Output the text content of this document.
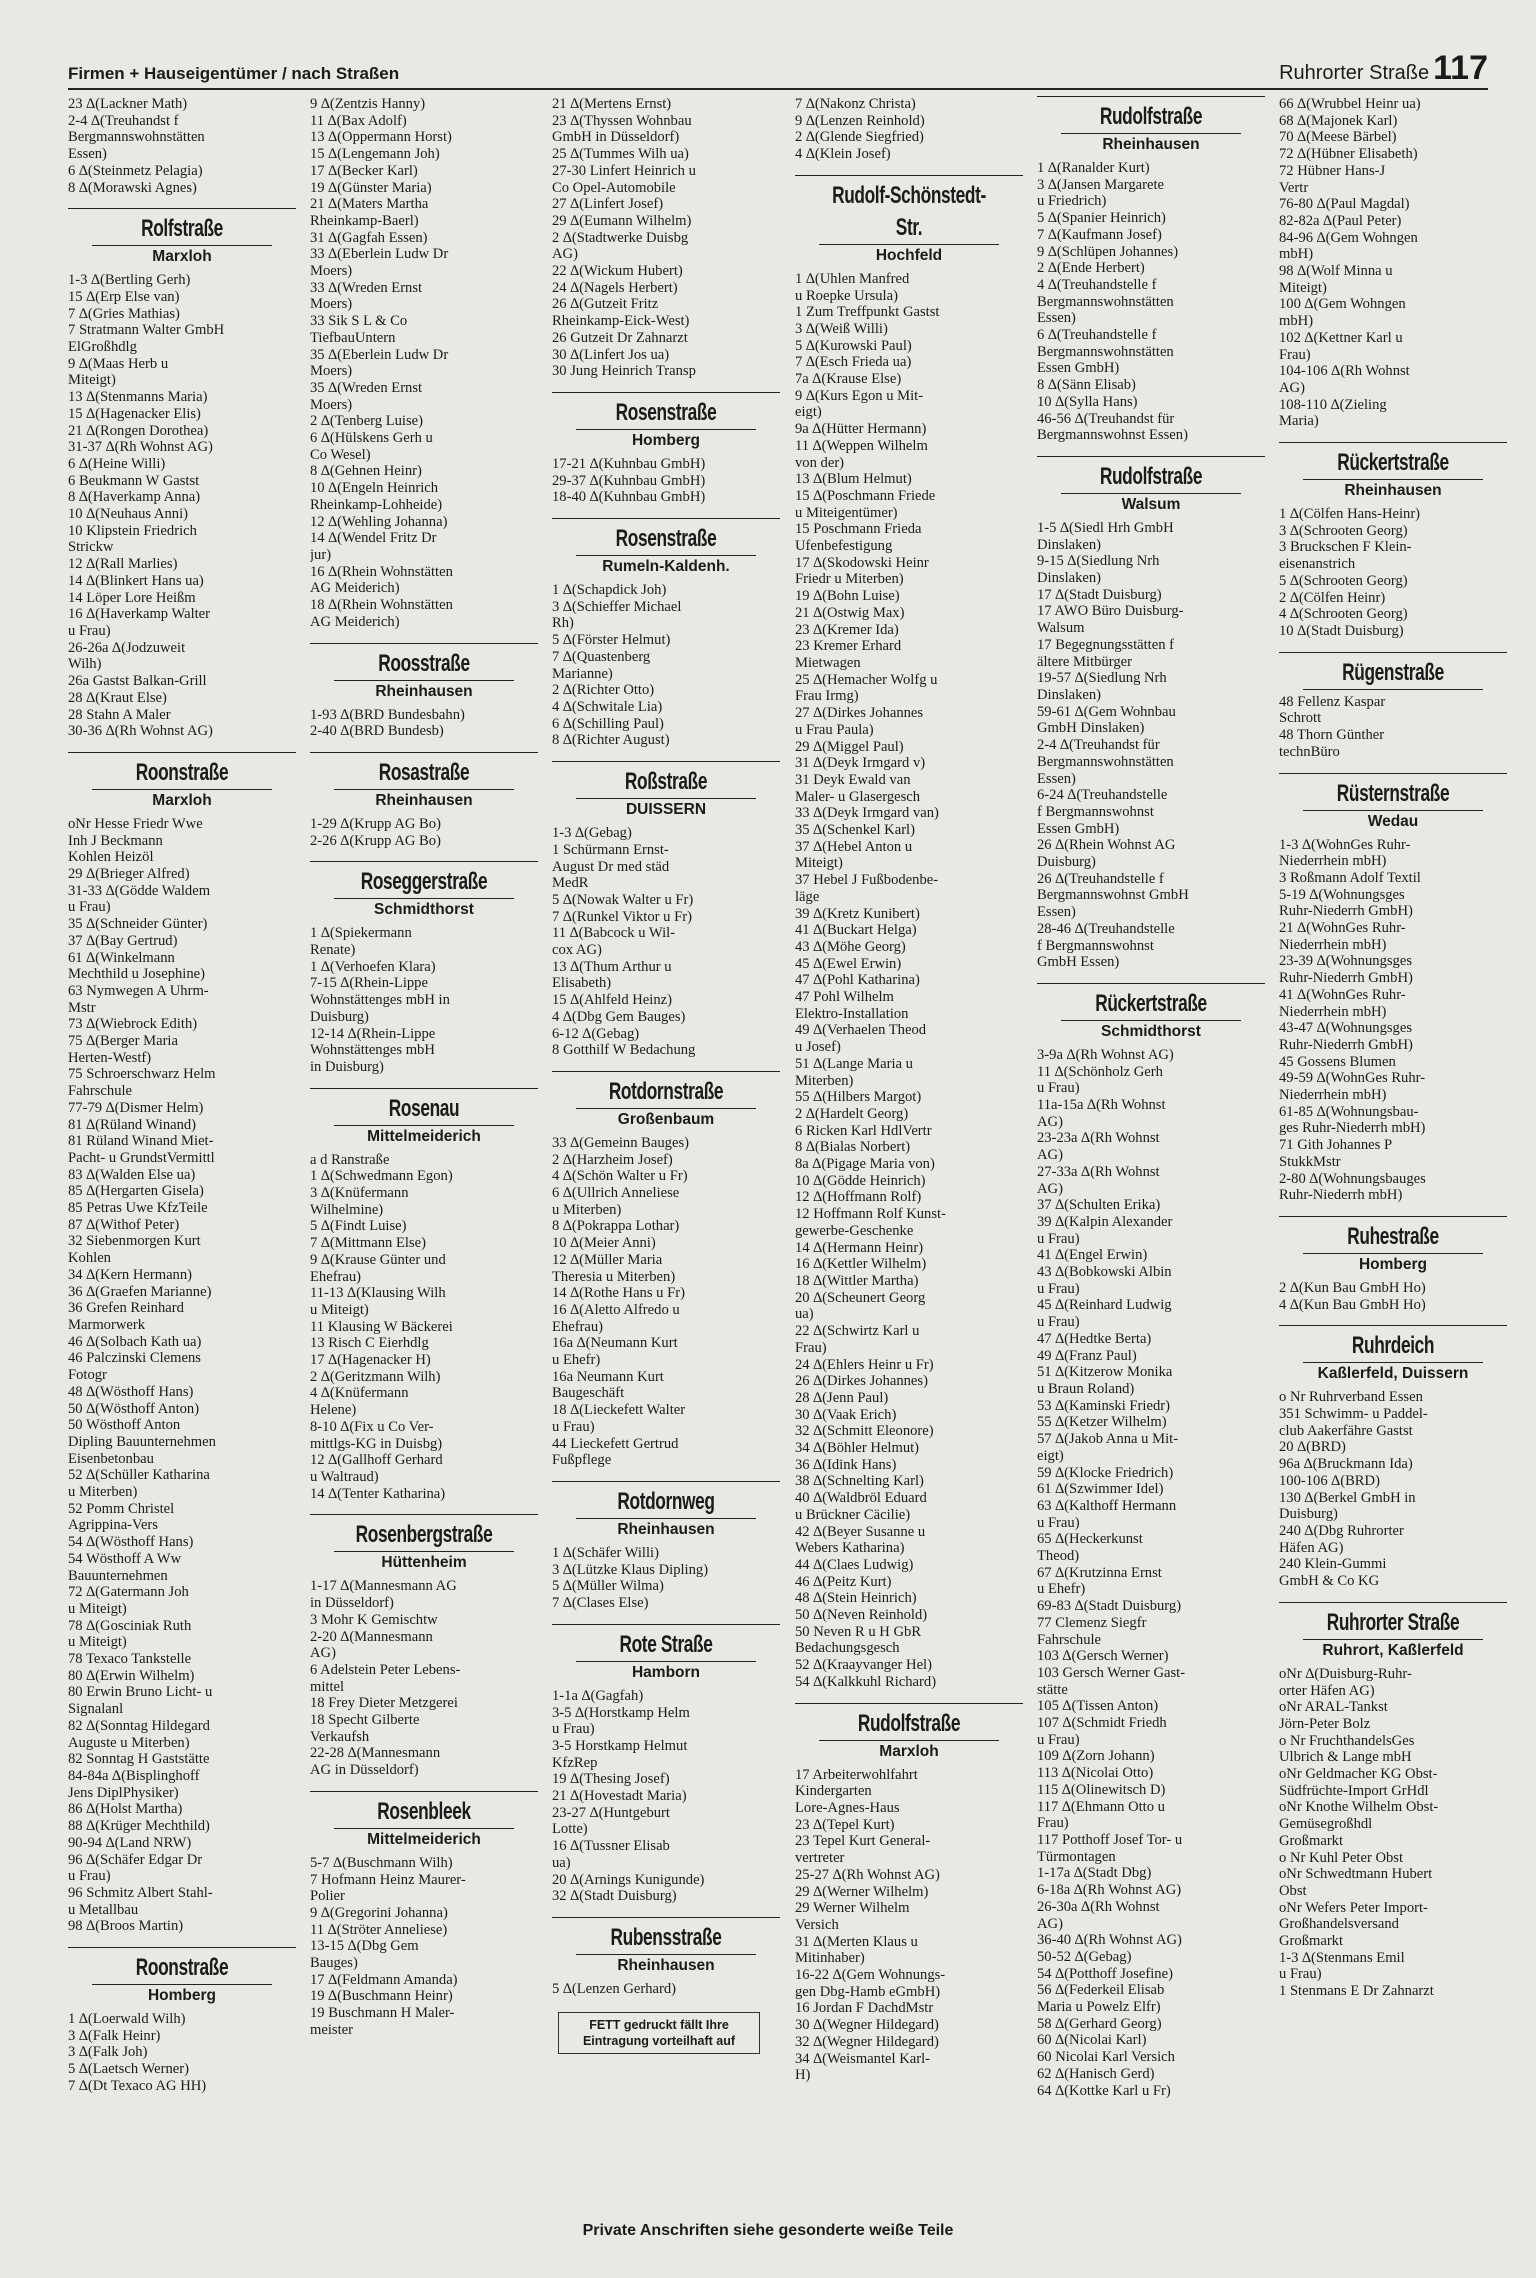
Firmen + Hauseigentümer / nach Straßen	Ruhrorter Straße 117
23 ∆(Lackner Math)
2-4 ∆(Treuhandst f
Bergmannswohnstätten
Essen)
6 ∆(Steinmetz Pelagia)
8 ∆(Morawski Agnes)
Rolfstraße
Marxloh
1-3 ∆(Bertling Gerh)
15 ∆(Erp Else van)
7 ∆(Gries Mathias)
7 Stratmann Walter GmbH
ElGroßhdlg
9 ∆(Maas Herb u
Miteigt)
13 ∆(Stenmanns Maria)
15 ∆(Hagenacker Elis)
21 ∆(Rongen Dorothea)
31-37 ∆(Rh Wohnst AG)
6 ∆(Heine Willi)
6 Beukmann W Gastst
8 ∆(Haverkamp Anna)
10 ∆(Neuhaus Anni)
10 Klipstein Friedrich
Strickw
12 ∆(Rall Marlies)
14 ∆(Blinkert Hans ua)
14 Löper Lore Heißm
16 ∆(Haverkamp Walter
u Frau)
26-26a ∆(Jodzuweit
Wilh)
26a Gastst Balkan-Grill
28 ∆(Kraut Else)
28 Stahn A Maler
30-36 ∆(Rh Wohnst AG)
Roonstraße
Marxloh
oNr Hesse Friedr Wwe
Inh J Beckmann
Kohlen Heizöl
29 ∆(Brieger Alfred)
31-33 ∆(Gödde Waldem
u Frau)
35 ∆(Schneider Günter)
37 ∆(Bay Gertrud)
61 ∆(Winkelmann
Mechthild u Josephine)
63 Nymwegen A Uhrm-
Mstr
73 ∆(Wiebrock Edith)
75 ∆(Berger Maria
Herten-Westf)
75 Schroerschwarz Helm
Fahrschule
77-79 ∆(Dismer Helm)
81 ∆(Rüland Winand)
81 Rüland Winand Miet-
Pacht- u GrundstVermittl
83 ∆(Walden Else ua)
85 ∆(Hergarten Gisela)
85 Petras Uwe KfzTeile
87 ∆(Withof Peter)
32 Siebenmorgen Kurt
Kohlen
34 ∆(Kern Hermann)
36 ∆(Graefen Marianne)
36 Grefen Reinhard
Marmorwerk
46 ∆(Solbach Kath ua)
46 Palczinski Clemens
Fotogr
48 ∆(Wösthoff Hans)
50 ∆(Wösthoff Anton)
50 Wösthoff Anton
Dipling Bauunternehmen
Eisenbetonbau
52 ∆(Schüller Katharina
u Miterben)
52 Pomm Christel
Agrippina-Vers
54 ∆(Wösthoff Hans)
54 Wösthoff A Ww
Bauunternehmen
72 ∆(Gatermann Joh
u Miteigt)
78 ∆(Gosciniak Ruth
u Miteigt)
78 Texaco Tankstelle
80 ∆(Erwin Wilhelm)
80 Erwin Bruno Licht- u
Signalanl
82 ∆(Sonntag Hildegard
Auguste u Miterben)
82 Sonntag H Gaststätte
84-84a ∆(Bisplinghoff
Jens DiplPhysiker)
86 ∆(Holst Martha)
88 ∆(Krüger Mechthild)
90-94 ∆(Land NRW)
96 ∆(Schäfer Edgar Dr
u Frau)
96 Schmitz Albert Stahl-
u Metallbau
98 ∆(Broos Martin)
Roonstraße
Homberg
1 ∆(Loerwald Wilh)
3 ∆(Falk Heinr)
3 ∆(Falk Joh)
5 ∆(Laetsch Werner)
7 ∆(Dt Texaco AG HH)
9 ∆(Zentzis Hanny)
11 ∆(Bax Adolf)
13 ∆(Oppermann Horst)
15 ∆(Lengemann Joh)
17 ∆(Becker Karl)
19 ∆(Günster Maria)
21 ∆(Maters Martha
Rheinkamp-Baerl)
31 ∆(Gagfah Essen)
33 ∆(Eberlein Ludw Dr
Moers)
33 ∆(Wreden Ernst
Moers)
33 Sik S L & Co
TiefbauUntern
35 ∆(Eberlein Ludw Dr
Moers)
35 ∆(Wreden Ernst
Moers)
2 ∆(Tenberg Luise)
6 ∆(Hülskens Gerh u
Co Wesel)
8 ∆(Gehnen Heinr)
10 ∆(Engeln Heinrich
Rheinkamp-Lohheide)
12 ∆(Wehling Johanna)
14 ∆(Wendel Fritz Dr
jur)
16 ∆(Rhein Wohnstätten
AG Meiderich)
18 ∆(Rhein Wohnstätten
AG Meiderich)
Roosstraße
Rheinhausen
1-93 ∆(BRD Bundesbahn)
2-40 ∆(BRD Bundesb)
Rosastraße
Rheinhausen
1-29 ∆(Krupp AG Bo)
2-26 ∆(Krupp AG Bo)
Roseggerstraße
Schmidthorst
1 ∆(Spiekermann
Renate)
1 ∆(Verhoefen Klara)
7-15 ∆(Rhein-Lippe
Wohnstättenges mbH in
Duisburg)
12-14 ∆(Rhein-Lippe
Wohnstättenges mbH
in Duisburg)
Rosenau
Mittelmeiderich
a d Ranstraße
1 ∆(Schwedmann Egon)
3 ∆(Knüfermann
Wilhelmine)
5 ∆(Findt Luise)
7 ∆(Mittmann Else)
9 ∆(Krause Günter und
Ehefrau)
11-13 ∆(Klausing Wilh
u Miteigt)
11 Klausing W Bäckerei
13 Risch C Eierhdlg
17 ∆(Hagenacker H)
2 ∆(Geritzmann Wilh)
4 ∆(Knüfermann
Helene)
8-10 ∆(Fix u Co Ver-
mittlgs-KG in Duisbg)
12 ∆(Gallhoff Gerhard
u Waltraud)
14 ∆(Tenter Katharina)
Rosenbergstraße
Hüttenheim
1-17 ∆(Mannesmann AG
in Düsseldorf)
3 Mohr K Gemischtw
2-20 ∆(Mannesmann
AG)
6 Adelstein Peter Lebens-
mittel
18 Frey Dieter Metzgerei
18 Specht Gilberte
Verkaufsh
22-28 ∆(Mannesmann
AG in Düsseldorf)
Rosenbleek
Mittelmeiderich
5-7 ∆(Buschmann Wilh)
7 Hofmann Heinz Maurer-
Polier
9 ∆(Gregorini Johanna)
11 ∆(Ströter Anneliese)
13-15 ∆(Dbg Gem
Bauges)
17 ∆(Feldmann Amanda)
19 ∆(Buschmann Heinr)
19 Buschmann H Maler-
meister
21 ∆(Mertens Ernst)
23 ∆(Thyssen Wohnbau
GmbH in Düsseldorf)
25 ∆(Tummes Wilh ua)
27-30 Linfert Heinrich u
Co Opel-Automobile
27 ∆(Linfert Josef)
29 ∆(Eumann Wilhelm)
2 ∆(Stadtwerke Duisbg
AG)
22 ∆(Wickum Hubert)
24 ∆(Nagels Herbert)
26 ∆(Gutzeit Fritz
Rheinkamp-Eick-West)
26 Gutzeit Dr Zahnarzt
30 ∆(Linfert Jos ua)
30 Jung Heinrich Transp
Rosenstraße
Homberg
17-21 ∆(Kuhnbau GmbH)
29-37 ∆(Kuhnbau GmbH)
18-40 ∆(Kuhnbau GmbH)
Rosenstraße
Rumeln-Kaldenh.
1 ∆(Schapdick Joh)
3 ∆(Schieffer Michael
Rh)
5 ∆(Förster Helmut)
7 ∆(Quastenberg
Marianne)
2 ∆(Richter Otto)
4 ∆(Schwitale Lia)
6 ∆(Schilling Paul)
8 ∆(Richter August)
Roßstraße
DUISSERN
1-3 ∆(Gebag)
1 Schürmann Ernst-
August Dr med städ
MedR
5 ∆(Nowak Walter u Fr)
7 ∆(Runkel Viktor u Fr)
11 ∆(Babcock u Wil-
cox AG)
13 ∆(Thum Arthur u
Elisabeth)
15 ∆(Ahlfeld Heinz)
4 ∆(Dbg Gem Bauges)
6-12 ∆(Gebag)
8 Gotthilf W Bedachung
Rotdornstraße
Großenbaum
33 ∆(Gemeinn Bauges)
2 ∆(Harzheim Josef)
4 ∆(Schön Walter u Fr)
6 ∆(Ullrich Anneliese
u Miterben)
8 ∆(Pokrappa Lothar)
10 ∆(Meier Anni)
12 ∆(Müller Maria
Theresia u Miterben)
14 ∆(Rothe Hans u Fr)
16 ∆(Aletto Alfredo u
Ehefrau)
16a ∆(Neumann Kurt
u Ehefr)
16a Neumann Kurt
Baugeschäft
18 ∆(Lieckefett Walter
u Frau)
44 Lieckefett Gertrud
Fußpflege
Rotdornweg
Rheinhausen
1 ∆(Schäfer Willi)
3 ∆(Lützke Klaus Dipling)
5 ∆(Müller Wilma)
7 ∆(Clases Else)
Rote Straße
Hamborn
1-1a ∆(Gagfah)
3-5 ∆(Horstkamp Helm
u Frau)
3-5 Horstkamp Helmut
KfzRep
19 ∆(Thesing Josef)
21 ∆(Hovestadt Maria)
23-27 ∆(Huntgeburt
Lotte)
16 ∆(Tussner Elisab
ua)
20 ∆(Arnings Kunigunde)
32 ∆(Stadt Duisburg)
Rubensstraße
Rheinhausen
5 ∆(Lenzen Gerhard)
FETT gedruckt fällt Ihre Eintragung vorteilhaft auf
7 ∆(Nakonz Christa)
9 ∆(Lenzen Reinhold)
2 ∆(Glende Siegfried)
4 ∆(Klein Josef)
Rudolf-Schönstedt-Str.
Hochfeld
1 ∆(Uhlen Manfred
u Roepke Ursula)
1 Zum Treffpunkt Gastst
3 ∆(Weiß Willi)
5 ∆(Kurowski Paul)
7 ∆(Esch Frieda ua)
7a ∆(Krause Else)
9 ∆(Kurs Egon u Mit-
eigt)
9a ∆(Hütter Hermann)
11 ∆(Weppen Wilhelm
von der)
13 ∆(Blum Helmut)
15 ∆(Poschmann Friede
u Miteigentümer)
15 Poschmann Frieda
Ufenbefestigung
17 ∆(Skodowski Heinr
Friedr u Miterben)
19 ∆(Bohn Luise)
21 ∆(Ostwig Max)
23 ∆(Kremer Ida)
23 Kremer Erhard
Mietwagen
25 ∆(Hemacher Wolfg u
Frau Irmg)
27 ∆(Dirkes Johannes
u Frau Paula)
29 ∆(Miggel Paul)
31 ∆(Deyk Irmgard v)
31 Deyk Ewald van
Maler- u Glasergesch
33 ∆(Deyk Irmgard van)
35 ∆(Schenkel Karl)
37 ∆(Hebel Anton u
Miteigt)
37 Hebel J Fußbodenbe-
läge
39 ∆(Kretz Kunibert)
41 ∆(Buckart Helga)
43 ∆(Möhe Georg)
45 ∆(Ewel Erwin)
47 ∆(Pohl Katharina)
47 Pohl Wilhelm
Elektro-Installation
49 ∆(Verhaelen Theod
u Josef)
51 ∆(Lange Maria u
Miterben)
55 ∆(Hilbers Margot)
2 ∆(Hardelt Georg)
6 Ricken Karl HdlVertr
8 ∆(Bialas Norbert)
8a ∆(Pigage Maria von)
10 ∆(Gödde Heinrich)
12 ∆(Hoffmann Rolf)
12 Hoffmann Rolf Kunst-
gewerbe-Geschenke
14 ∆(Hermann Heinr)
16 ∆(Kettler Wilhelm)
18 ∆(Wittler Martha)
20 ∆(Scheunert Georg
ua)
22 ∆(Schwirtz Karl u
Frau)
24 ∆(Ehlers Heinr u Fr)
26 ∆(Dirkes Johannes)
28 ∆(Jenn Paul)
30 ∆(Vaak Erich)
32 ∆(Schmitt Eleonore)
34 ∆(Böhler Helmut)
36 ∆(Idink Hans)
38 ∆(Schnelting Karl)
40 ∆(Waldbröl Eduard
u Brückner Cäcilie)
42 ∆(Beyer Susanne u
Webers Katharina)
44 ∆(Claes Ludwig)
46 ∆(Peitz Kurt)
48 ∆(Stein Heinrich)
50 ∆(Neven Reinhold)
50 Neven R u H GbR
Bedachungsgesch
52 ∆(Kraayvanger Hel)
54 ∆(Kalkkuhl Richard)
Rudolfstraße
Marxloh
17 Arbeiterwohlfahrt
Kindergarten
Lore-Agnes-Haus
23 ∆(Tepel Kurt)
23 Tepel Kurt General-
vertreter
25-27 ∆(Rh Wohnst AG)
29 ∆(Werner Wilhelm)
29 Werner Wilhelm
Versich
31 ∆(Merten Klaus u
Mitinhaber)
16-22 ∆(Gem Wohnungs-
gen Dbg-Hamb eGmbH)
16 Jordan F DachdMstr
30 ∆(Wegner Hildegard)
32 ∆(Wegner Hildegard)
34 ∆(Weismantel Karl-
H)
Rudolfstraße
Rheinhausen
1 ∆(Ranalder Kurt)
3 ∆(Jansen Margarete
u Friedrich)
5 ∆(Spanier Heinrich)
7 ∆(Kaufmann Josef)
9 ∆(Schlüpen Johannes)
2 ∆(Ende Herbert)
4 ∆(Treuhandstelle f
Bergmannswohnstätten
Essen)
6 ∆(Treuhandstelle f
Bergmannswohnstätten
Essen GmbH)
8 ∆(Sänn Elisab)
10 ∆(Sylla Hans)
46-56 ∆(Treuhandst für
Bergmannswohnst Essen)
Rudolfstraße
Walsum
1-5 ∆(Siedl Hrh GmbH
Dinslaken)
9-15 ∆(Siedlung Nrh
Dinslaken)
17 ∆(Stadt Duisburg)
17 AWO Büro Duisburg-
Walsum
17 Begegnungsstätten f
ältere Mitbürger
19-57 ∆(Siedlung Nrh
Dinslaken)
59-61 ∆(Gem Wohnbau
GmbH Dinslaken)
2-4 ∆(Treuhandst für
Bergmannswohnstätten
Essen)
6-24 ∆(Treuhandstelle
f Bergmannswohnst
Essen GmbH)
26 ∆(Rhein Wohnst AG
Duisburg)
26 ∆(Treuhandstelle f
Bergmannswohnst GmbH
Essen)
28-46 ∆(Treuhandstelle
f Bergmannswohnst
GmbH Essen)
Rückertstraße
Schmidthorst
3-9a ∆(Rh Wohnst AG)
11 ∆(Schönholz Gerh
u Frau)
11a-15a ∆(Rh Wohnst
AG)
23-23a ∆(Rh Wohnst
AG)
27-33a ∆(Rh Wohnst
AG)
37 ∆(Schulten Erika)
39 ∆(Kalpin Alexander
u Frau)
41 ∆(Engel Erwin)
43 ∆(Bobkowski Albin
u Frau)
45 ∆(Reinhard Ludwig
u Frau)
47 ∆(Hedtke Berta)
49 ∆(Franz Paul)
51 ∆(Kitzerow Monika
u Braun Roland)
53 ∆(Kaminski Friedr)
55 ∆(Ketzer Wilhelm)
57 ∆(Jakob Anna u Mit-
eigt)
59 ∆(Klocke Friedrich)
61 ∆(Szwimmer Idel)
63 ∆(Kalthoff Hermann
u Frau)
65 ∆(Heckerkunst
Theod)
67 ∆(Krutzinna Ernst
u Ehefr)
69-83 ∆(Stadt Duisburg)
77 Clemenz Siegfr
Fahrschule
103 ∆(Gersch Werner)
103 Gersch Werner Gast-
stätte
105 ∆(Tissen Anton)
107 ∆(Schmidt Friedh
u Frau)
109 ∆(Zorn Johann)
113 ∆(Nicolai Otto)
115 ∆(Olinewitsch D)
117 ∆(Ehmann Otto u
Frau)
117 Potthoff Josef Tor- u
Türmontagen
1-17a ∆(Stadt Dbg)
6-18a ∆(Rh Wohnst AG)
26-30a ∆(Rh Wohnst
AG)
36-40 ∆(Rh Wohnst AG)
50-52 ∆(Gebag)
54 ∆(Potthoff Josefine)
56 ∆(Federkeil Elisab
Maria u Powelz Elfr)
58 ∆(Gerhard Georg)
60 ∆(Nicolai Karl)
60 Nicolai Karl Versich
62 ∆(Hanisch Gerd)
64 ∆(Kottke Karl u Fr)
66 ∆(Wrubbel Heinr ua)
68 ∆(Majonek Karl)
70 ∆(Meese Bärbel)
72 ∆(Hübner Elisabeth)
72 Hübner Hans-J
Vertr
76-80 ∆(Paul Magdal)
82-82a ∆(Paul Peter)
84-96 ∆(Gem Wohngen
mbH)
98 ∆(Wolf Minna u
Miteigt)
100 ∆(Gem Wohngen
mbH)
102 ∆(Kettner Karl u
Frau)
104-106 ∆(Rh Wohnst
AG)
108-110 ∆(Zieling
Maria)
Rückertstraße
Rheinhausen
1 ∆(Cölfen Hans-Heinr)
3 ∆(Schrooten Georg)
3 Bruckschen F Klein-
eisenanstrich
5 ∆(Schrooten Georg)
2 ∆(Cölfen Heinr)
4 ∆(Schrooten Georg)
10 ∆(Stadt Duisburg)
Rügenstraße
48 Fellenz Kaspar
Schrott
48 Thorn Günther
technBüro
Rüsternstraße
Wedau
1-3 ∆(WohnGes Ruhr-
Niederrhein mbH)
3 Roßmann Adolf Textil
5-19 ∆(Wohnungsges
Ruhr-Niederrh GmbH)
21 ∆(WohnGes Ruhr-
Niederrhein mbH)
23-39 ∆(Wohnungsges
Ruhr-Niederrh GmbH)
41 ∆(WohnGes Ruhr-
Niederrhein mbH)
43-47 ∆(Wohnungsges
Ruhr-Niederrh GmbH)
45 Gossens Blumen
49-59 ∆(WohnGes Ruhr-
Niederrhein mbH)
61-85 ∆(Wohnungsbau-
ges Ruhr-Niederrh mbH)
71 Gith Johannes P
StukkMstr
2-80 ∆(Wohnungsbauges
Ruhr-Niederrh mbH)
Ruhestraße
Homberg
2 ∆(Kun Bau GmbH Ho)
4 ∆(Kun Bau GmbH Ho)
Ruhrdeich
Kaßlerfeld, Duissern
o Nr Ruhrverband Essen
351 Schwimm- u Paddel-
club Aakerfähre Gastst
20 ∆(BRD)
96a ∆(Bruckmann Ida)
100-106 ∆(BRD)
130 ∆(Berkel GmbH in
Duisburg)
240 ∆(Dbg Ruhrorter
Häfen AG)
240 Klein-Gummi
GmbH & Co KG
Ruhrorter Straße
Ruhrort, Kaßlerfeld
oNr ∆(Duisburg-Ruhr-
orter Häfen AG)
oNr ARAL-Tankst
Jörn-Peter Bolz
o Nr FruchthandelsGes
Ulbrich & Lange mbH
oNr Geldmacher KG Obst-
Südfrüchte-Import GrHdl
oNr Knothe Wilhelm Obst-
Gemüsegroßhdl
Großmarkt
o Nr Kuhl Peter Obst
oNr Schwedtmann Hubert
Obst
oNr Wefers Peter Import-
Großhandelsversand
Großmarkt
1-3 ∆(Stenmans Emil
u Frau)
1 Stenmans E Dr Zahnarzt
Private Anschriften siehe gesonderte weiße Teile
